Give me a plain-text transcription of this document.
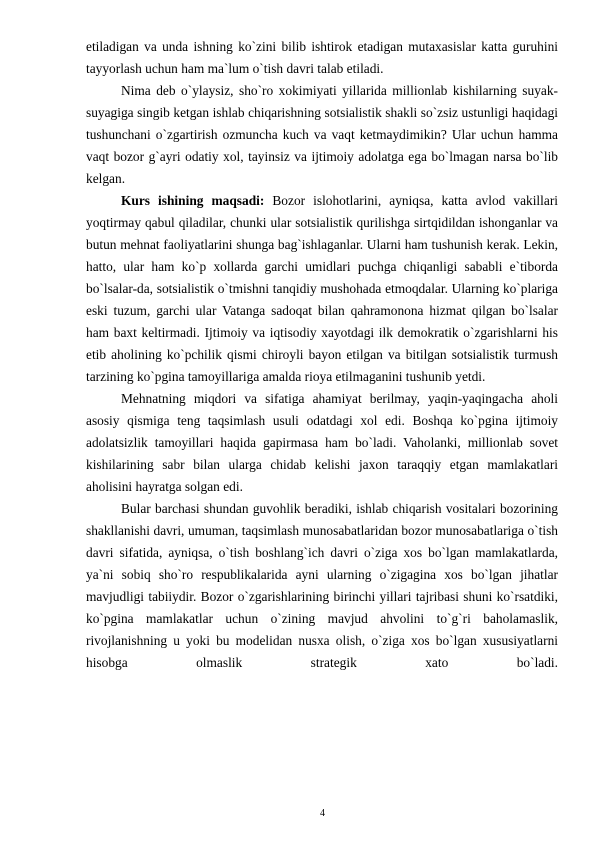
etiladigan va unda ishning ko`zini bilib ishtirok etadigan mutaxasislar katta guruhini tayyorlash uchun ham ma`lum o`tish davri talab etiladi.

Nima deb o`ylaysiz, sho`ro xokimiyati yillarida millionlab kishilarning suyak-suyagiga singib ketgan ishlab chiqarishning sotsialistik shakli so`zsiz ustunligi haqidagi tushunchani o`zgartirish ozmuncha kuch va vaqt ketmaydimikin? Ular uchun hamma vaqt bozor g`ayri odatiy xol, tayinsiz va ijtimoiy adolatga ega bo`lmagan narsa bo`lib kelgan.

Kurs ishining maqsadi: Bozor islohotlarini, ayniqsa, katta avlod vakillari yoqtirmay qabul qiladilar, chunki ular sotsialistik qurilishga sirtqidildan ishonganlar va butun mehnat faoliyatlarini shunga bag`ishlaganlar. Ularni ham tushunish kerak. Lekin, hatto, ular ham ko`p xollarda garchi umidlari puchga chiqanligi sababli e`tiborda bo`lsalar-da, sotsialistik o`tmishni tanqidiy mushohada etmoqdalar. Ularning ko`plariga eski tuzum, garchi ular Vatanga sadoqat bilan qahramonona hizmat qilgan bo`lsalar ham baxt keltirmadi. Ijtimoiy va iqtisodiy xayotdagi ilk demokratik o`zgarishlarni his etib aholining ko`pchilik qismi chiroyli bayon etilgan va bitilgan sotsialistik turmush tarzining ko`pgina tamoyillariga amalda rioya etilmaganini tushunib yetdi.

Mehnatning miqdori va sifatiga ahamiyat berilmay, yaqin-yaqingacha aholi asosiy qismiga teng taqsimlash usuli odatdagi xol edi. Boshqa ko`pgina ijtimoiy adolatsizlik tamoyillari haqida gapirmasa ham bo`ladi. Vaholanki, millionlab sovet kishilarining sabr bilan ularga chidab kelishi jaxon taraqqiy etgan mamlakatlari aholisini hayratga solgan edi.

Bular barchasi shundan guvohlik beradiki, ishlab chiqarish vositalari bozorining shakllanishi davri, umuman, taqsimlash munosabatlaridan bozor munosabatlariga o`tish davri sifatida, ayniqsa, o`tish boshlang`ich davri o`ziga xos bo`lgan mamlakatlarda, ya`ni sobiq sho`ro respublikalarida ayni ularning o`zigagina xos bo`lgan jihatlar mavjudligi tabiiydir. Bozor o`zgarishlarining birinchi yillari tajribasi shuni ko`rsatdiki, ko`pgina mamlakatlar uchun o`zining mavjud ahvolini to`g`ri baholamaslik, rivojlanishning u yoki bu modelidan nusxa olish, o`ziga xos bo`lgan xususiyatlarni hisobga olmaslik strategik xato bo`ladi.

4
